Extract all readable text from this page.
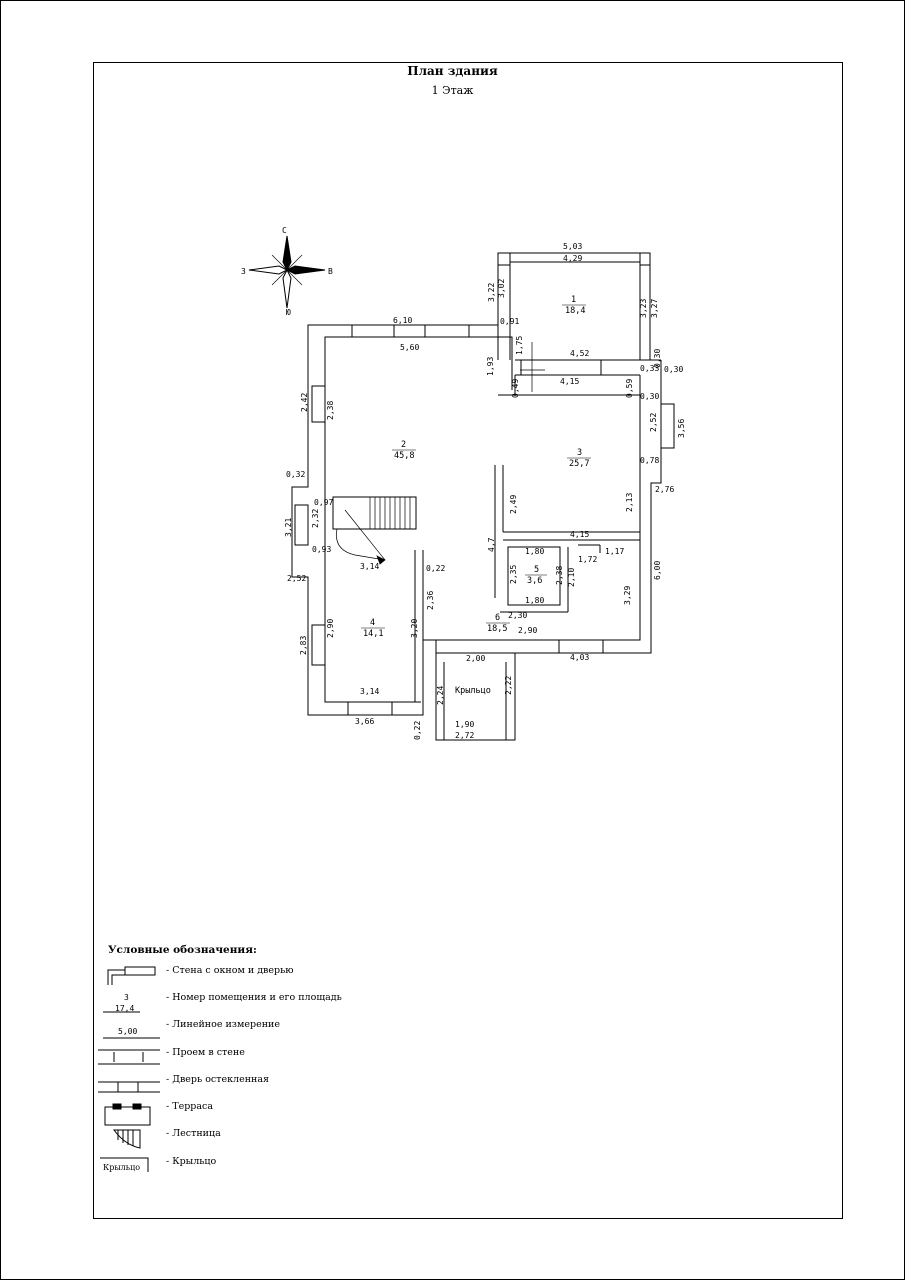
План здания
1 Этаж
C
Ю
З	В
1
18,4
2
45,8	3
25,7
4
14,1
5
3,6
6
18,5
Крыльцо
5,03
4,29
6,10
5,60
4,52
4,15
0,91
4,15
1,80
1,80
1,17
1,72
2,30
2,90
3,14
3,14
3,66
0,32
2,52
0,97
0,93
0,22
2,00	4,03
1,90
2,72
0,33
0,30
0,78
2,76
0,30
3,22 3,02
3,23 3,27
2,42 2,38
3,21 2,32
2,83
2,90	3,20
2,36
1,93
1,75
0,49	0,59
0,30
2,52 3,56
2,49	2,13
4,7
2,35	2,38 2,10
3,29
6,00
2,24
2,22
0,22
Условные обозначения:
3
17,4
5,00
Крыльцо
- Стена с окном и дверью
- Номер помещения и его площадь
- Линейное измерение
- Проем в стене
- Дверь остекленная
- Терраса
- Лестница
- Крыльцо
